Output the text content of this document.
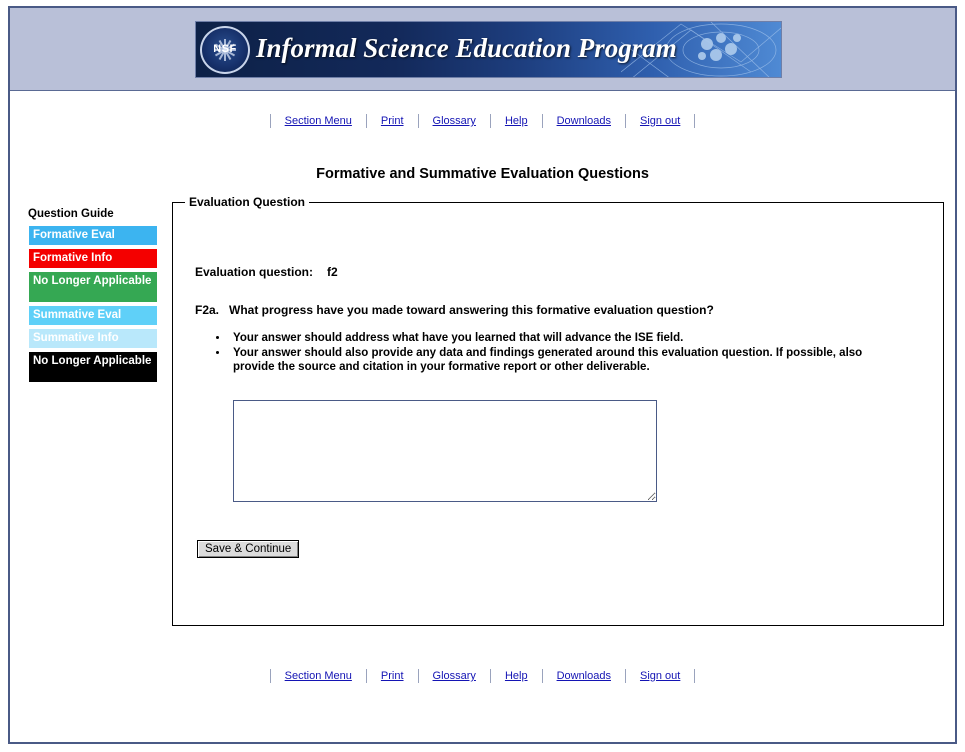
NSF Informal Science Education Program
Section Menu	Print	Glossary	Help	Downloads	Sign out
Formative and Summative Evaluation Questions
Question Guide
Formative Eval
Formative Info
No Longer Applicable
Summative Eval
Summative Info
No Longer Applicable
Evaluation Question
Evaluation question: f2
F2a. What progress have you made toward answering this formative evaluation question?
• Your answer should address what have you learned that will advance the ISE field.
• Your answer should also provide any data and findings generated around this evaluation question. If possible, also provide the source and citation in your formative report or other deliverable.
Save & Continue
Section Menu	Print	Glossary	Help	Downloads	Sign out
